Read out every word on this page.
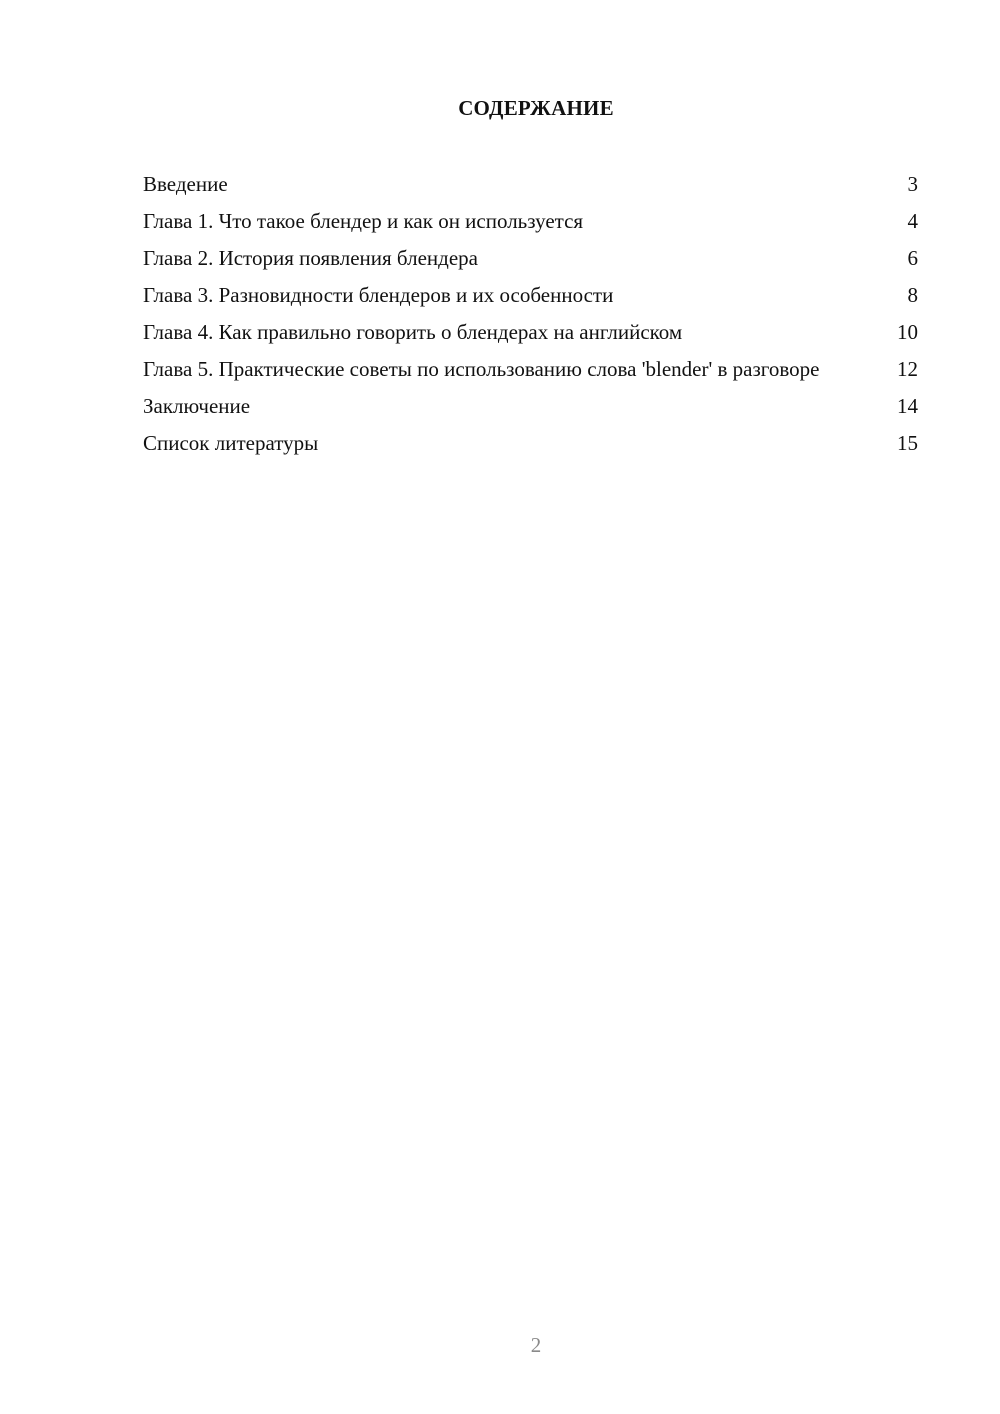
СОДЕРЖАНИЕ
Введение	3
Глава 1. Что такое блендер и как он используется	4
Глава 2. История появления блендера	6
Глава 3. Разновидности блендеров и их особенности	8
Глава 4. Как правильно говорить о блендерах на английском	10
Глава 5. Практические советы по использованию слова 'blender' в разговоре	12
Заключение	14
Список литературы	15
2
